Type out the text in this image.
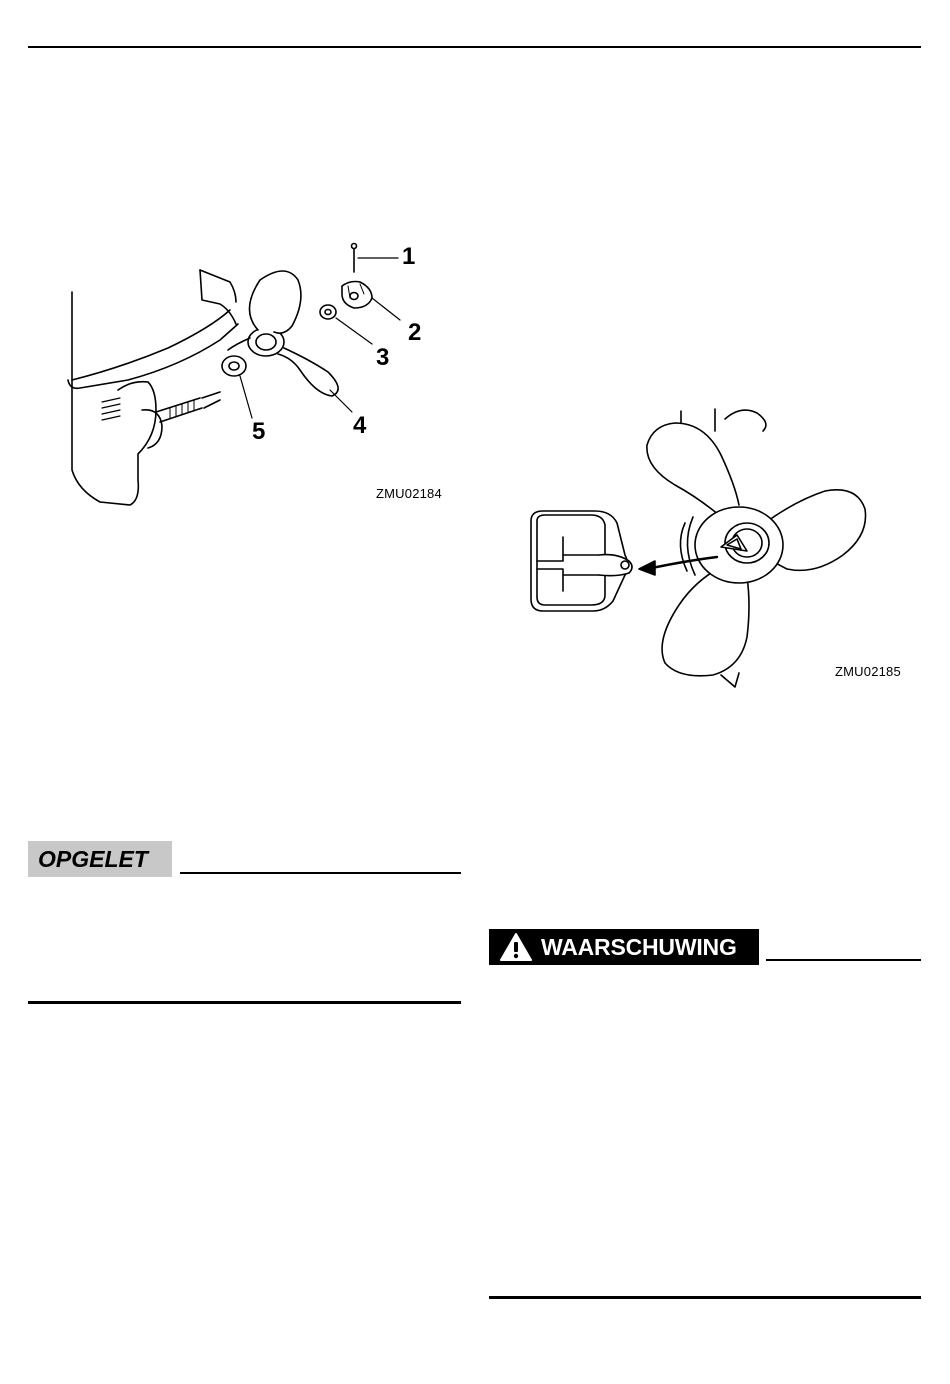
1
2
3
4
5
ZMU02184
ZMU02185
OPGELET
WAARSCHUWING
